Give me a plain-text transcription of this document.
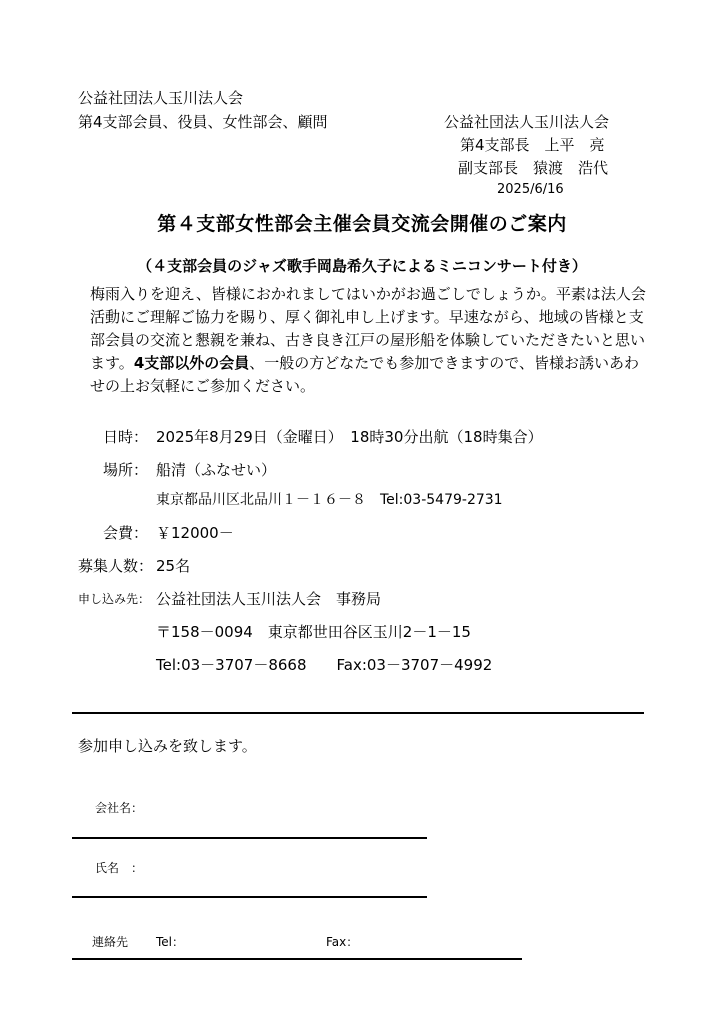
公益社団法人玉川法人会
第4支部会員、役員、女性部会、顧問	公益社団法人玉川法人会
第4支部長　上平　亮
副支部長　猿渡　浩代
2025/6/16
第４支部女性部会主催会員交流会開催のご案内
（４支部会員のジャズ歌手岡島希久子によるミニコンサート付き）
梅雨入りを迎え、皆様におかれましてはいかがお過ごしでしょうか。平素は法人会活動にご理解ご協力を賜り、厚く御礼申し上げます。早速ながら、地域の皆様と支部会員の交流と懇親を兼ね、古き良き江戸の屋形船を体験していただきたいと思います。4支部以外の会員、一般の方どなたでも参加できますので、皆様お誘いあわせの上お気軽にご参加ください。
日時： 2025年8月29日（金曜日）　18時30分出航（18時集合）
場所： 船清（ふなせい）
東京都品川区北品川１－１６－８　Tel:03-5479-2731
会費： ￥12000－
募集人数： 25名
申し込み先： 公益社団法人玉川法人会　事務局
〒158－0094　東京都世田谷区玉川2－1－15
Tel:03－3707－8668　　Fax:03－3707－4992
参加申し込みを致します。
会社名：
氏名　：
連絡先 Tel：	Fax：
